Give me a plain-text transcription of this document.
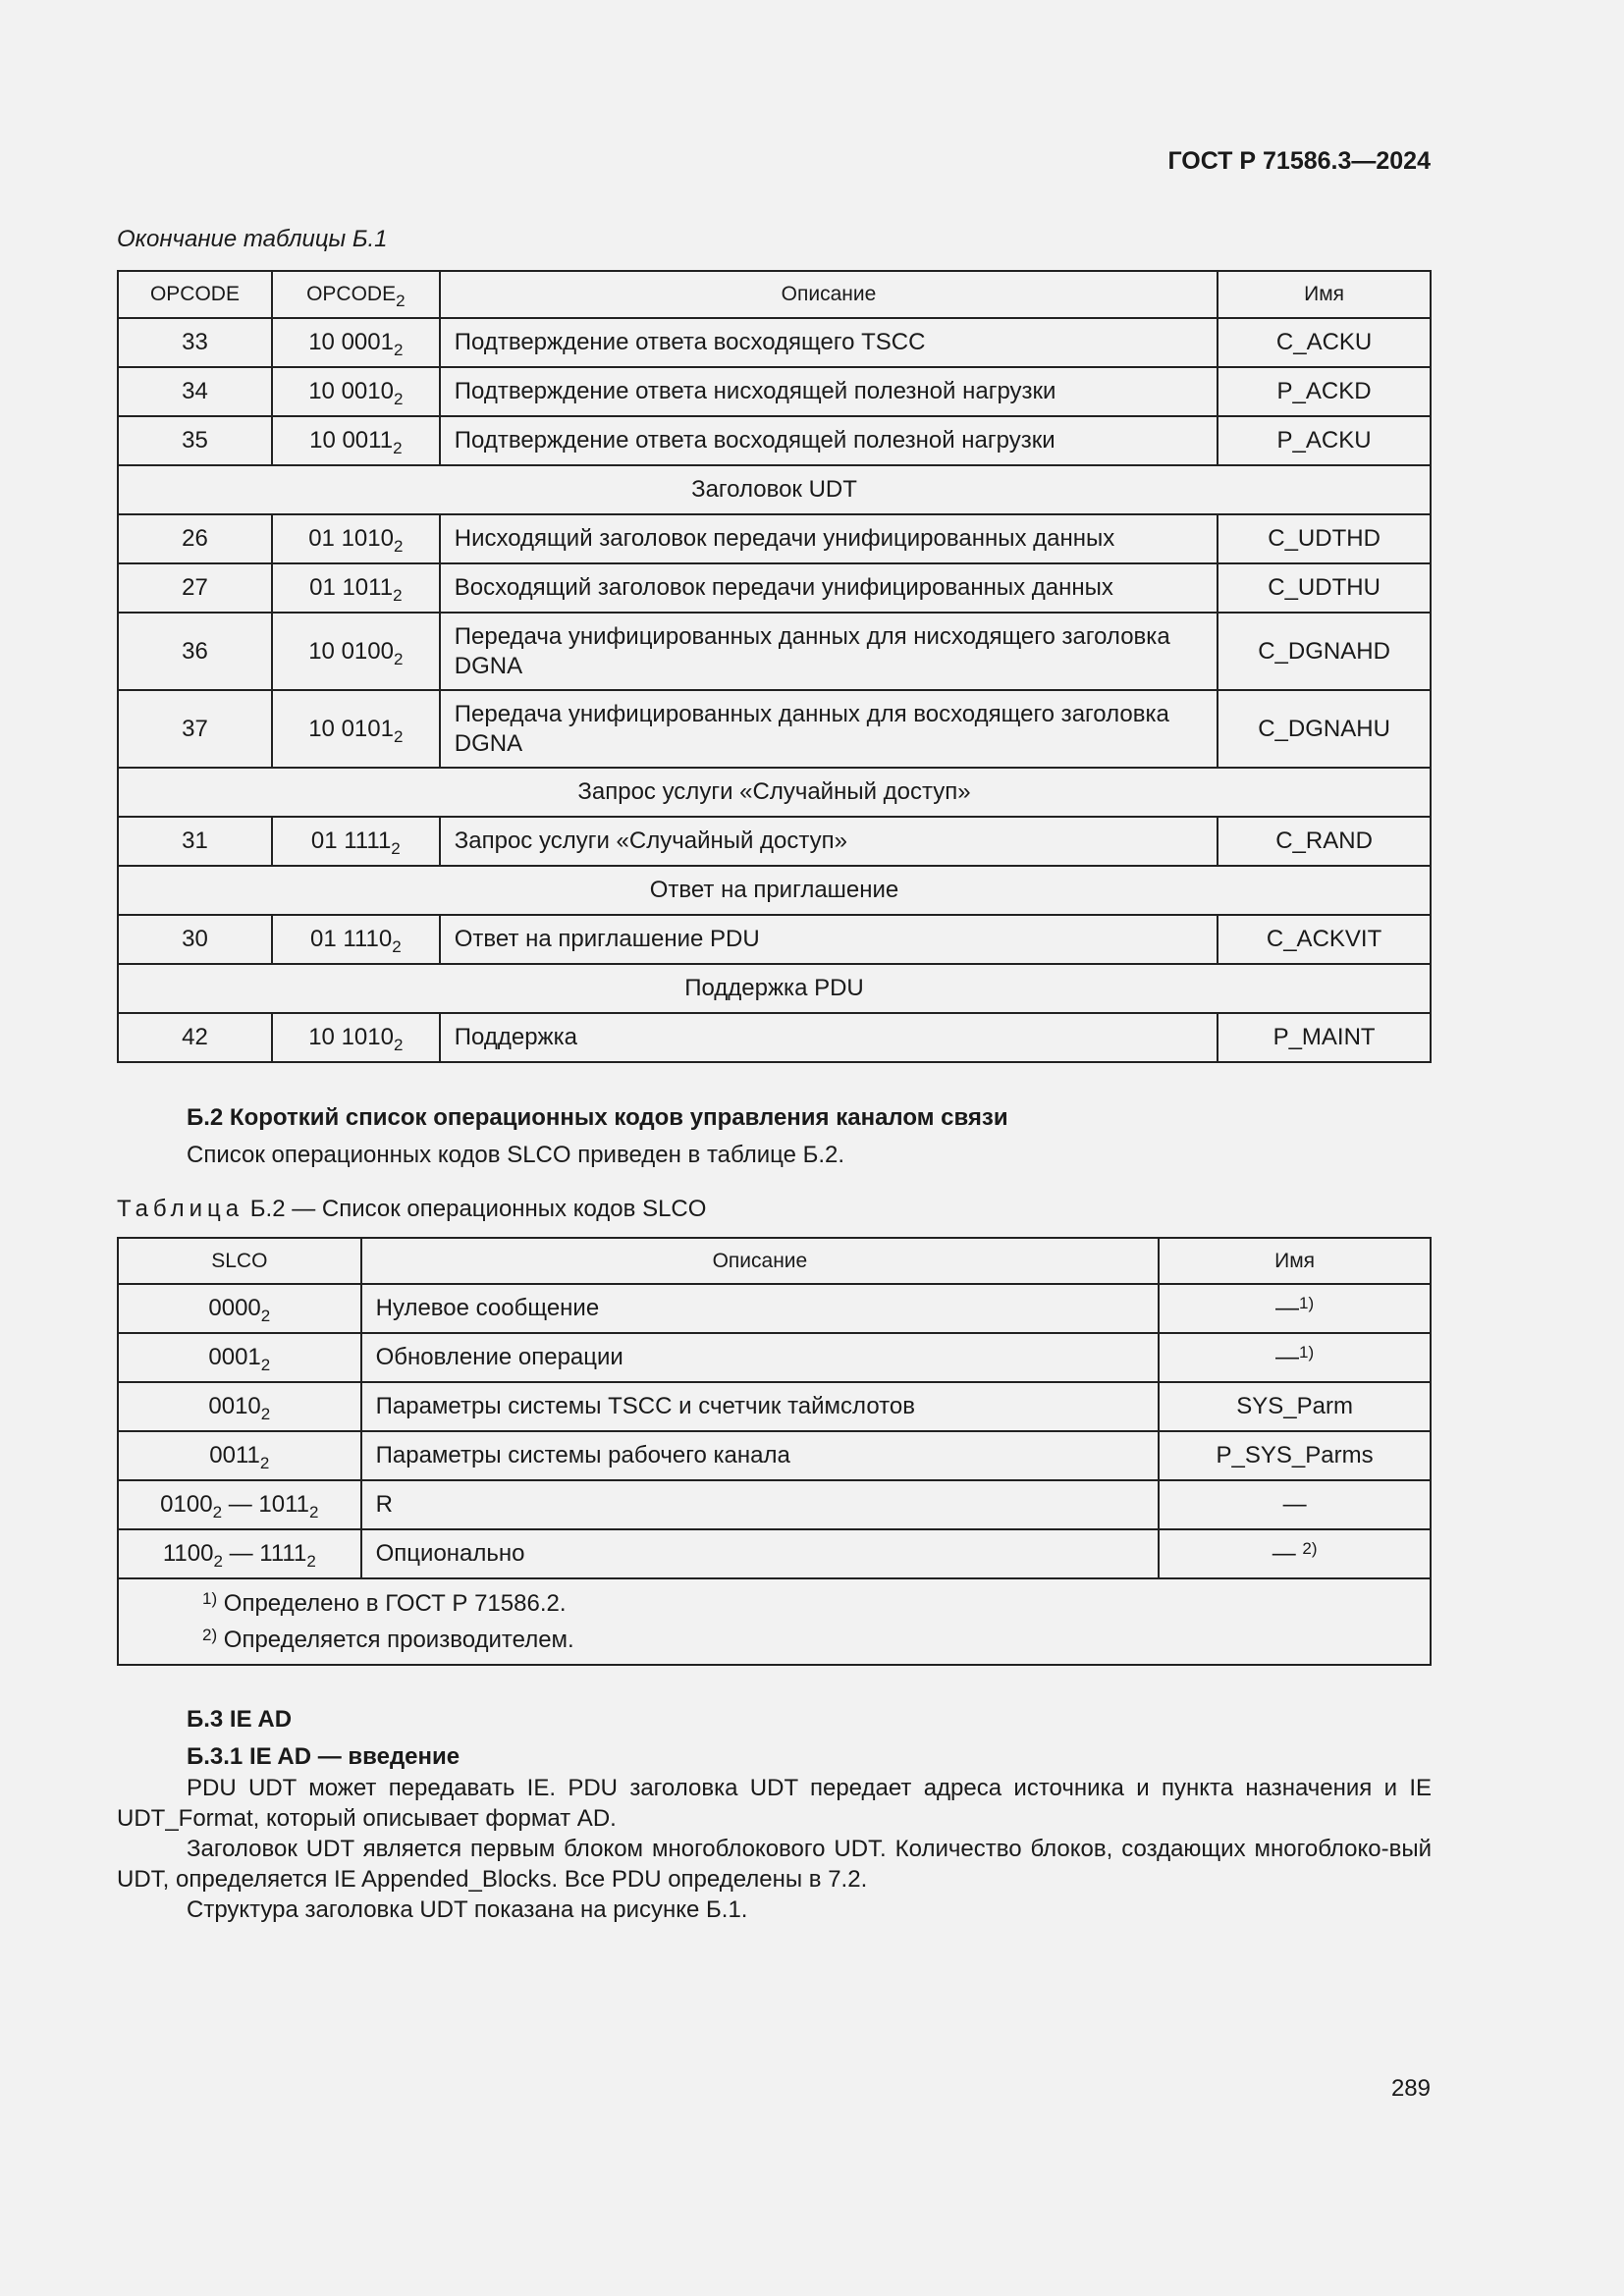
ГОСТ Р 71586.3—2024
Окончание таблицы Б.1
OPCODE	$OPCODE_2$	Описание	Имя
33	10 $0001_2$	Подтверждение ответа восходящего TSCC	C_ACKU
34	10 $0010_2$	Подтверждение ответа нисходящей полезной нагрузки	P_ACKD
35	10 $0011_2$	Подтверждение ответа восходящей полезной нагрузки	P_ACKU
Заголовок UDT			
26	01 $1010_2$	Нисходящий заголовок передачи унифицированных данных	C_UDTHD
27	01 $1011_2$	Восходящий заголовок передачи унифицированных данных	C_UDTHU
36	10 $0100_2$	Передача унифицированных данных для нисходящего заголовка DGNA	C_DGNAHD
37	10 $0101_2$	Передача унифицированных данных для восходящего заголовка DGNA	C_DGNAHU
Запрос услуги «Случайный доступ»			
31	01 $1111_2$	Запрос услуги «Случайный доступ»	C_RAND
Ответ на приглашение			
30	01 $1110_2$	Ответ на приглашение PDU	C_ACKVIT
Поддержка PDU			
42	10 $1010_2$	Поддержка	P_MAINT
Б.2 Короткий список операционных кодов управления каналом связи
Список операционных кодов SLCO приведен в таблице Б.2.
Таблица Б.2 — Список операционных кодов SLCO
SLCO	Описание	Имя
$0000_2$	Нулевое сообщение	—$^{1)}$
$0001_2$	Обновление операции	—$^{1)}$
$0010_2$	Параметры системы TSCC и счетчик таймслотов	SYS_Parm
$0011_2$	Параметры системы рабочего канала	P_SYS_Parms
$0100_2$ — $1011_2$	R	—
$1100_2$ — $1111_2$	Опционально	— $^{2)}$

$^{1)}$ Определено в ГОСТ Р 71586.2.
$^{2)}$ Определяется производителем.		
Б.3 IE AD
Б.3.1 IE AD — введение

PDU UDT может передавать IE. PDU заголовка UDT передает адреса источника и пункта назначения и IE UDT_Format, который описывает формат AD.

Заголовок UDT является первым блоком многоблокового UDT. Количество блоков, создающих многоблоко-вый UDT, определяется IE Appended_Blocks. Все PDU определены в 7.2.

Структура заголовка UDT показана на рисунке Б.1.

289
